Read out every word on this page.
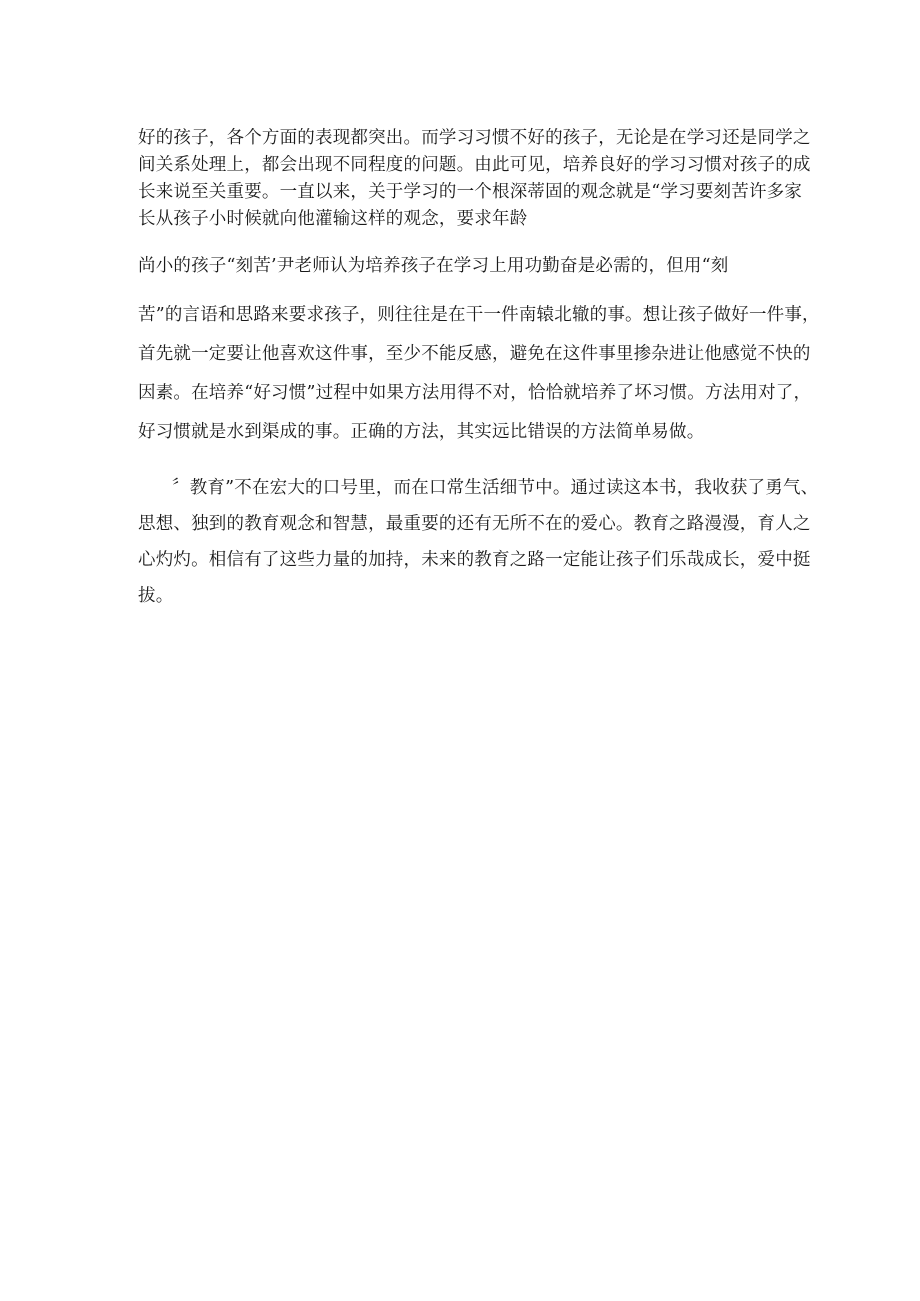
好的孩子，各个方面的表现都突出。而学习习惯不好的孩子，无论是在学习还是同学之
间关系处理上，都会出现不同程度的问题。由此可见，培养良好的学习习惯对孩子的成
长来说至关重要。一直以来，关于学习的一个根深蒂固的观念就是“学习要刻苦许多家
长从孩子小时候就向他灌输这样的观念，要求年龄
尚小的孩子“刻苦’尹老师认为培养孩子在学习上用功勤奋是必需的，但用“刻
苦”的言语和思路来要求孩子，则往往是在干一件南辕北辙的事。想让孩子做好一件事，
首先就一定要让他喜欢这件事，至少不能反感，避免在这件事里掺杂进让他感觉不快的
因素。在培养“好习惯”过程中如果方法用得不对，恰恰就培养了坏习惯。方法用对了，
好习惯就是水到渠成的事。正确的方法，其实远比错误的方法简单易做。
〞教育”不在宏大的口号里，而在口常生活细节中。通过读这本书，我收获了勇气、
思想、独到的教育观念和智慧，最重要的还有无所不在的爱心。教育之路漫漫，育人之
心灼灼。相信有了这些力量的加持，未来的教育之路一定能让孩子们乐哉成长，爱中挺
拔。
